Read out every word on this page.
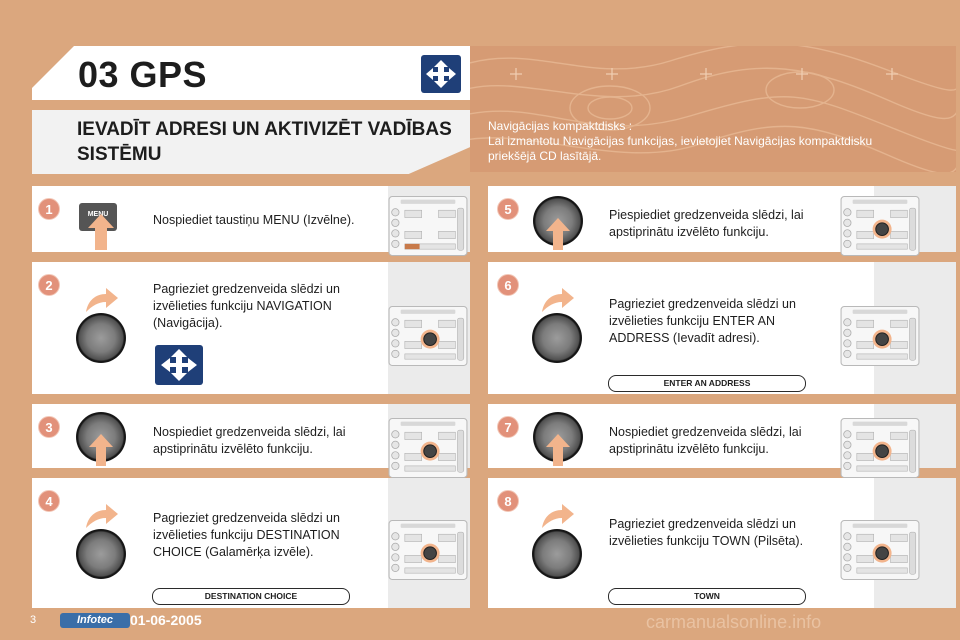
03 GPS
IEVADĪT ADRESI UN AKTIVIZĒT VADĪBAS SISTĒMU
Navigācijas kompaktdisks :
Lai izmantotu Navigācijas funkcijas, ievietojiet Navigācijas kompaktdisku priekšējā CD lasītājā.
1	MENU	Nospiediet taustiņu MENU (Izvēlne).
2	Pagrieziet gredzenveida slēdzi un izvēlieties funkciju NAVIGATION (Navigācija).
3	Nospiediet gredzenveida slēdzi, lai apstiprinātu izvēlēto funkciju.
4
Pagrieziet gredzenveida slēdzi un izvēlieties funkciju DESTINATION CHOICE (Galamērķa izvēle).
DESTINATION CHOICE
5	Piespiediet gredzenveida slēdzi, lai apstiprinātu izvēlēto funkciju.
6
Pagrieziet gredzenveida slēdzi un izvēlieties funkciju ENTER AN ADDRESS (Ievadīt adresi).
ENTER AN ADDRESS
7	Nospiediet gredzenveida slēdzi, lai apstiprinātu izvēlēto funkciju.
8
Pagrieziet gredzenveida slēdzi un izvēlieties funkciju TOWN (Pilsēta).
TOWN
3	Infotec	01-06-2005	carmanualsonline.info
